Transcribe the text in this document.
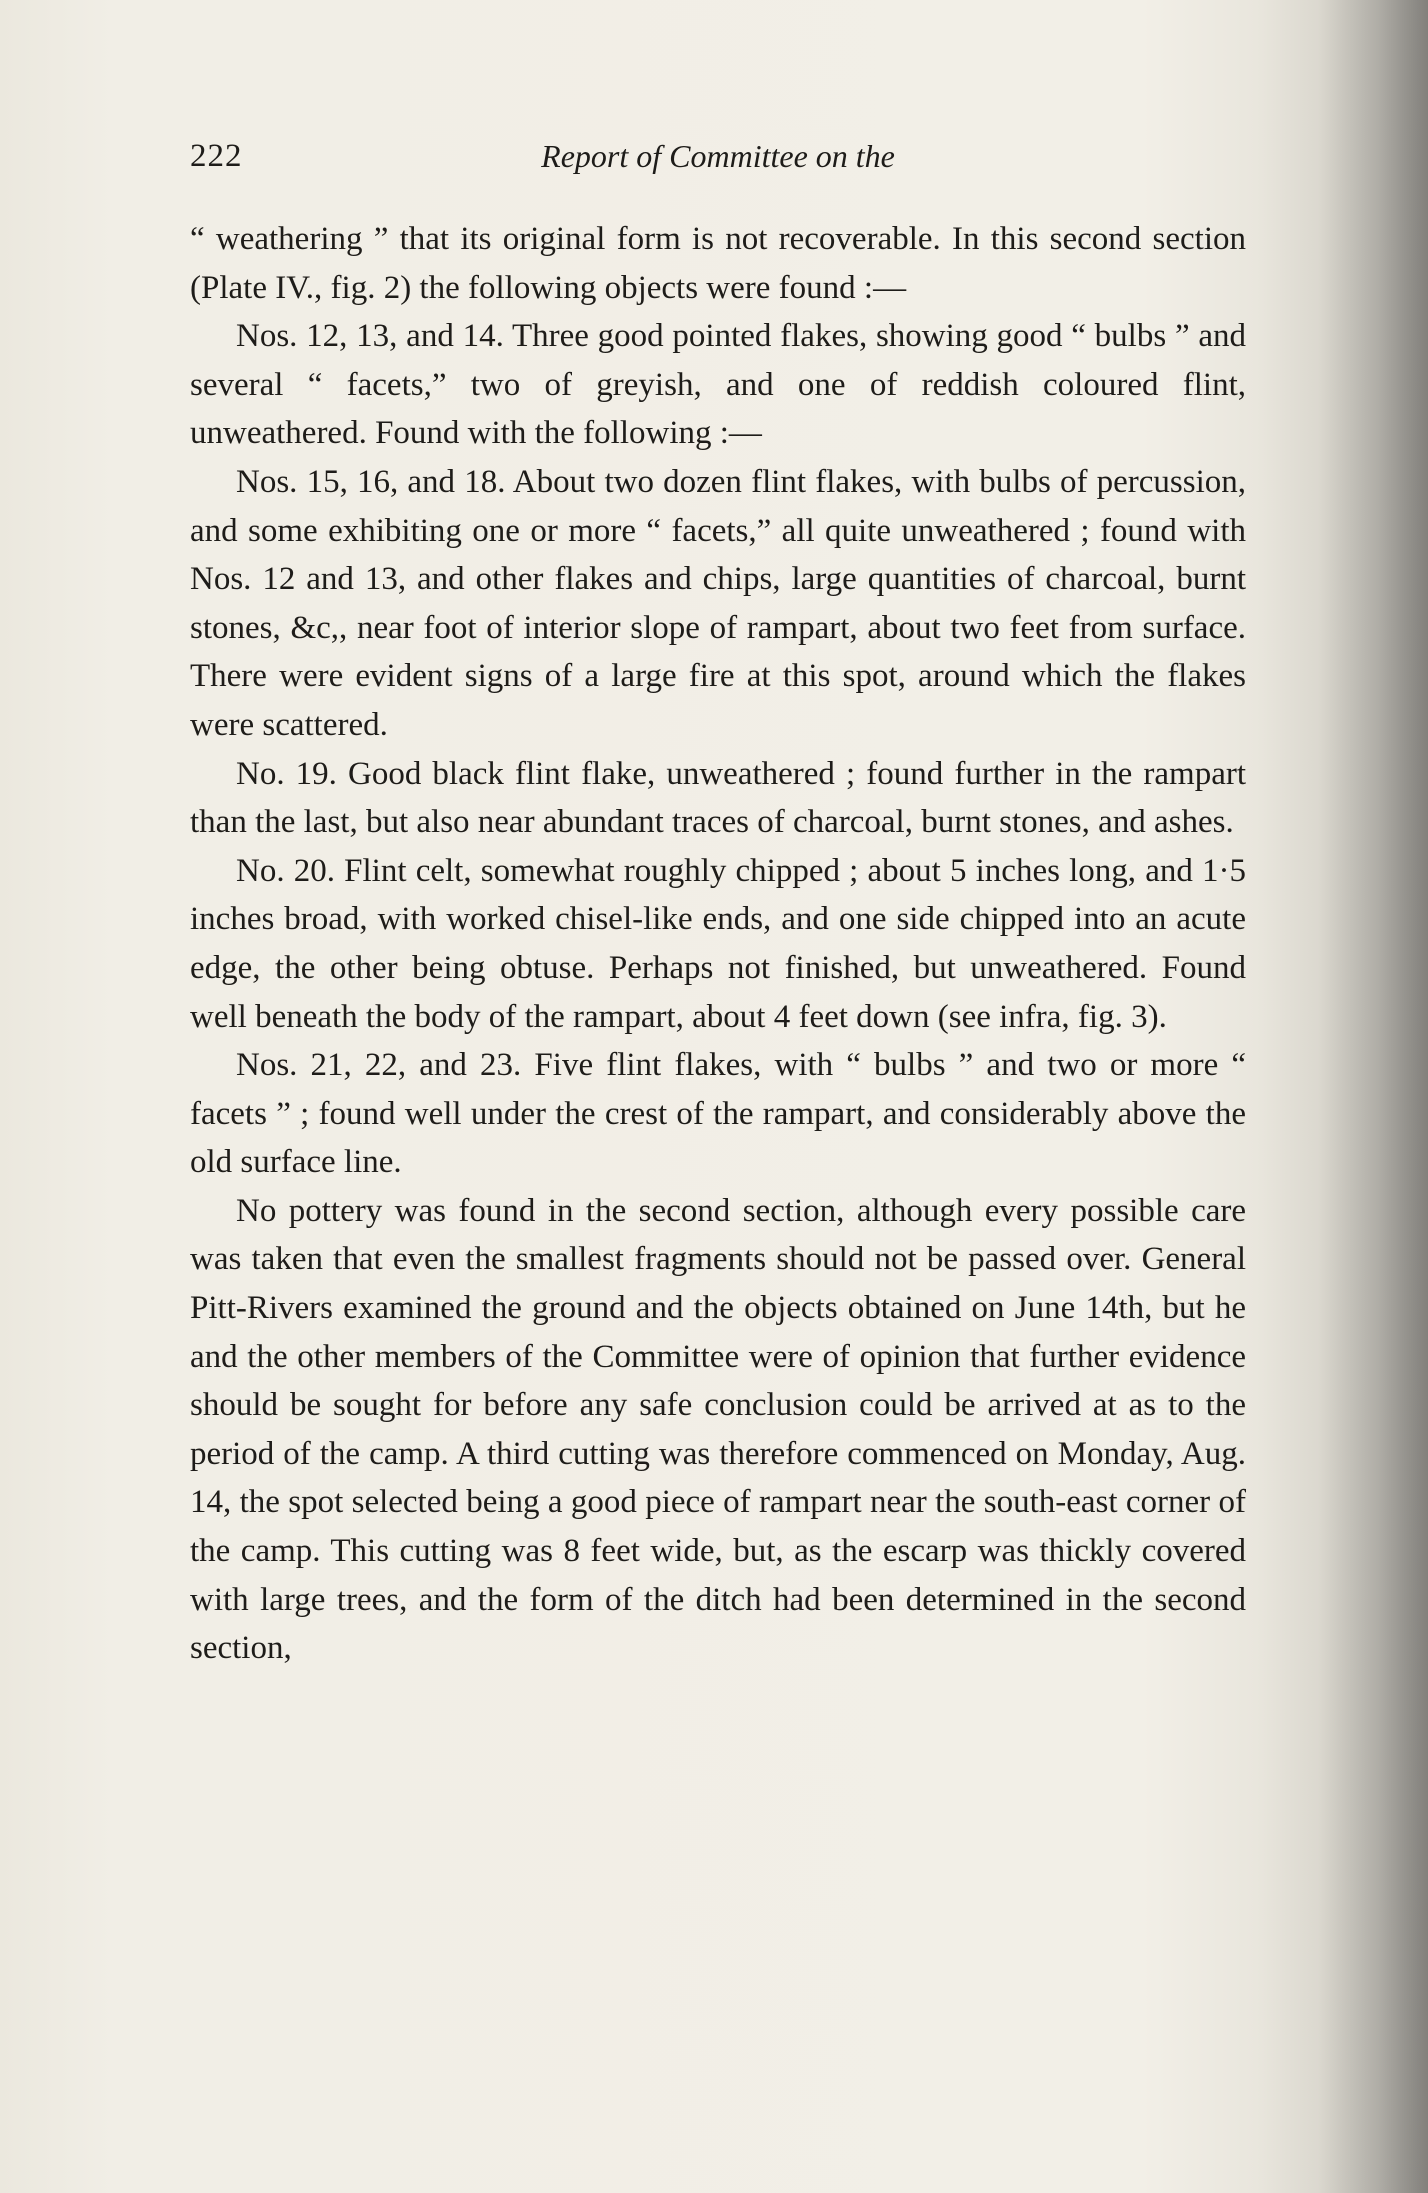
222	Report of Committee on the

“ weathering ” that its original form is not recoverable. In this second section (Plate IV., fig. 2) the following objects were found :—

Nos. 12, 13, and 14. Three good pointed flakes, showing good “ bulbs ” and several “ facets,” two of greyish, and one of reddish coloured flint, unweathered. Found with the following :—

Nos. 15, 16, and 18. About two dozen flint flakes, with bulbs of percussion, and some exhibiting one or more “ facets,” all quite unweathered ; found with Nos. 12 and 13, and other flakes and chips, large quantities of charcoal, burnt stones, &c,, near foot of interior slope of rampart, about two feet from surface. There were evident signs of a large fire at this spot, around which the flakes were scattered.

No. 19. Good black flint flake, unweathered ; found further in the rampart than the last, but also near abundant traces of charcoal, burnt stones, and ashes.

No. 20. Flint celt, somewhat roughly chipped ; about 5 inches long, and 1·5 inches broad, with worked chisel-like ends, and one side chipped into an acute edge, the other being obtuse. Perhaps not finished, but unweathered. Found well beneath the body of the rampart, about 4 feet down (see infra, fig. 3).

Nos. 21, 22, and 23. Five flint flakes, with “ bulbs ” and two or more “ facets ” ; found well under the crest of the rampart, and considerably above the old surface line.

No pottery was found in the second section, although every possible care was taken that even the smallest fragments should not be passed over. General Pitt-Rivers examined the ground and the objects obtained on June 14th, but he and the other members of the Committee were of opinion that further evidence should be sought for before any safe conclusion could be arrived at as to the period of the camp. A third cutting was therefore commenced on Monday, Aug. 14, the spot selected being a good piece of rampart near the south-east corner of the camp. This cutting was 8 feet wide, but, as the escarp was thickly covered with large trees, and the form of the ditch had been determined in the second section,
